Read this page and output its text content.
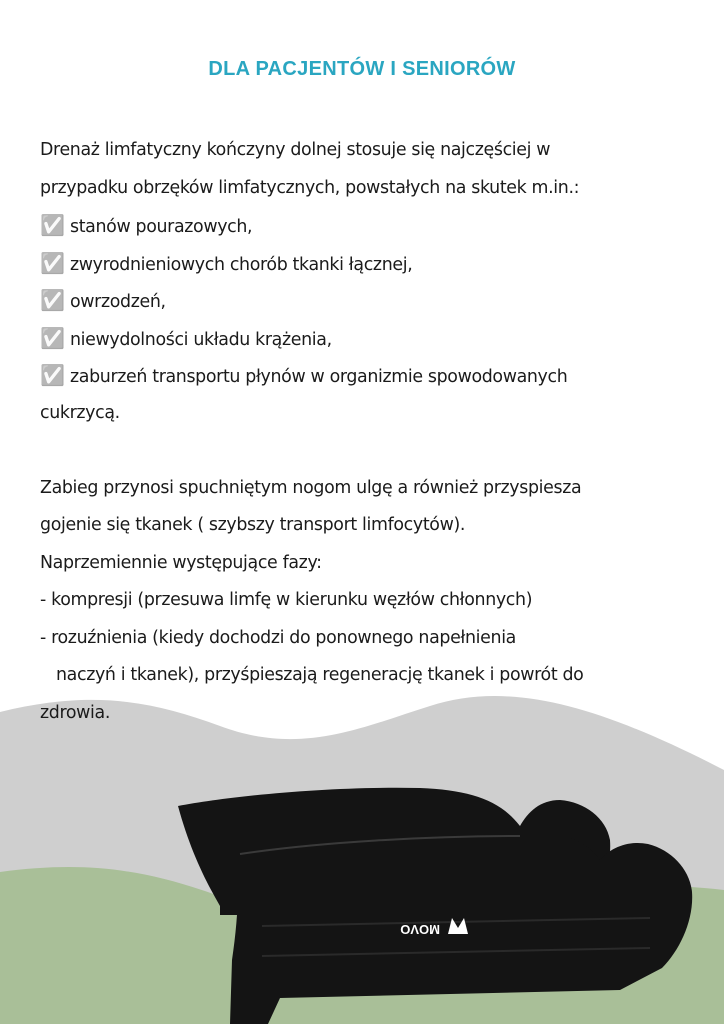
MOVO
DLA PACJENTÓW I SENIORÓW
Drenaż limfatyczny kończyny dolnej stosuje się najczęściej w
przypadku obrzęków limfatycznych, powstałych na skutek m.in.:
✅ stanów pourazowych,
✅ zwyrodnieniowych chorób tkanki łącznej,
✅ owrzodzeń,
✅ niewydolności układu krążenia,
✅ zaburzeń transportu płynów w organizmie spowodowanych
cukrzycą.
Zabieg przynosi spuchniętym nogom ulgę a również przyspiesza
gojenie się tkanek ( szybszy transport limfocytów).
Naprzemiennie występujące fazy:
- kompresji (przesuwa limfę w kierunku węzłów chłonnych)
- rozuźnienia (kiedy dochodzi do ponownego napełnienia
naczyń i tkanek), przyśpieszają regenerację tkanek i powrót do
zdrowia.
